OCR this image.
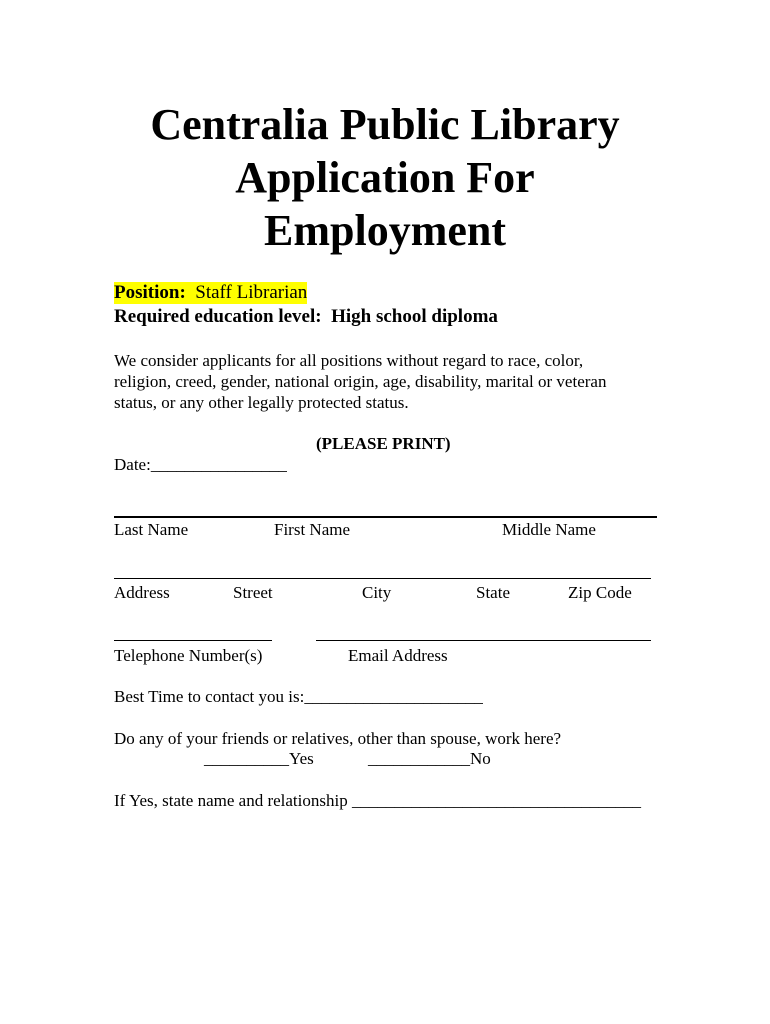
Centralia Public Library
Application For
Employment
Position: Staff Librarian
Required education level: High school diploma
We consider applicants for all positions without regard to race, color,
religion, creed, gender, national origin, age, disability, marital or veteran
status, or any other legally protected status.
(PLEASE PRINT)
Date:________________
Last Name	First Name	Middle Name
Address	Street	City	State	Zip Code
Telephone Number(s)	Email Address
Best Time to contact you is:_____________________
Do any of your friends or relatives, other than spouse, work here?
__________Yes	____________No
If Yes, state name and relationship __________________________________
